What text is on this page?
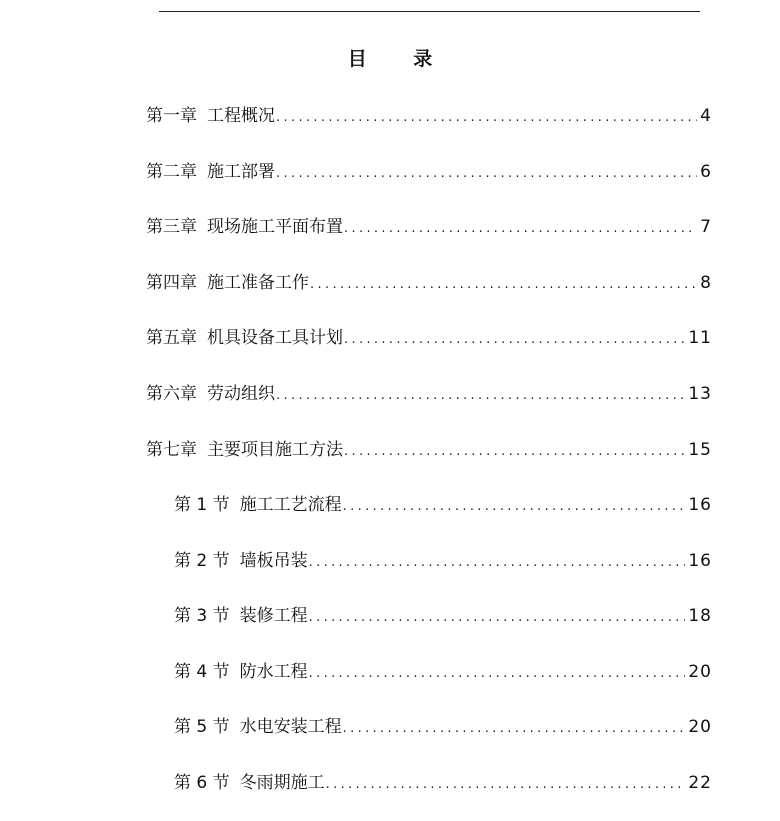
目 录
第一章 工程概况 .....	4
第二章 施工部署 .....	6
第三章 现场施工平面布置 .....	7
第四章 施工准备工作 .....	8
第五章 机具设备工具计划 .....	11
第六章 劳动组织 .....	13
第七章 主要项目施工方法 .....	15
第 1 节 施工工艺流程 .....	16
第 2 节 墙板吊装 .....	16
第 3 节 装修工程 .....	18
第 4 节 防水工程 .....	20
第 5 节 水电安装工程 .....	20
第 6 节 冬雨期施工 .....	22
